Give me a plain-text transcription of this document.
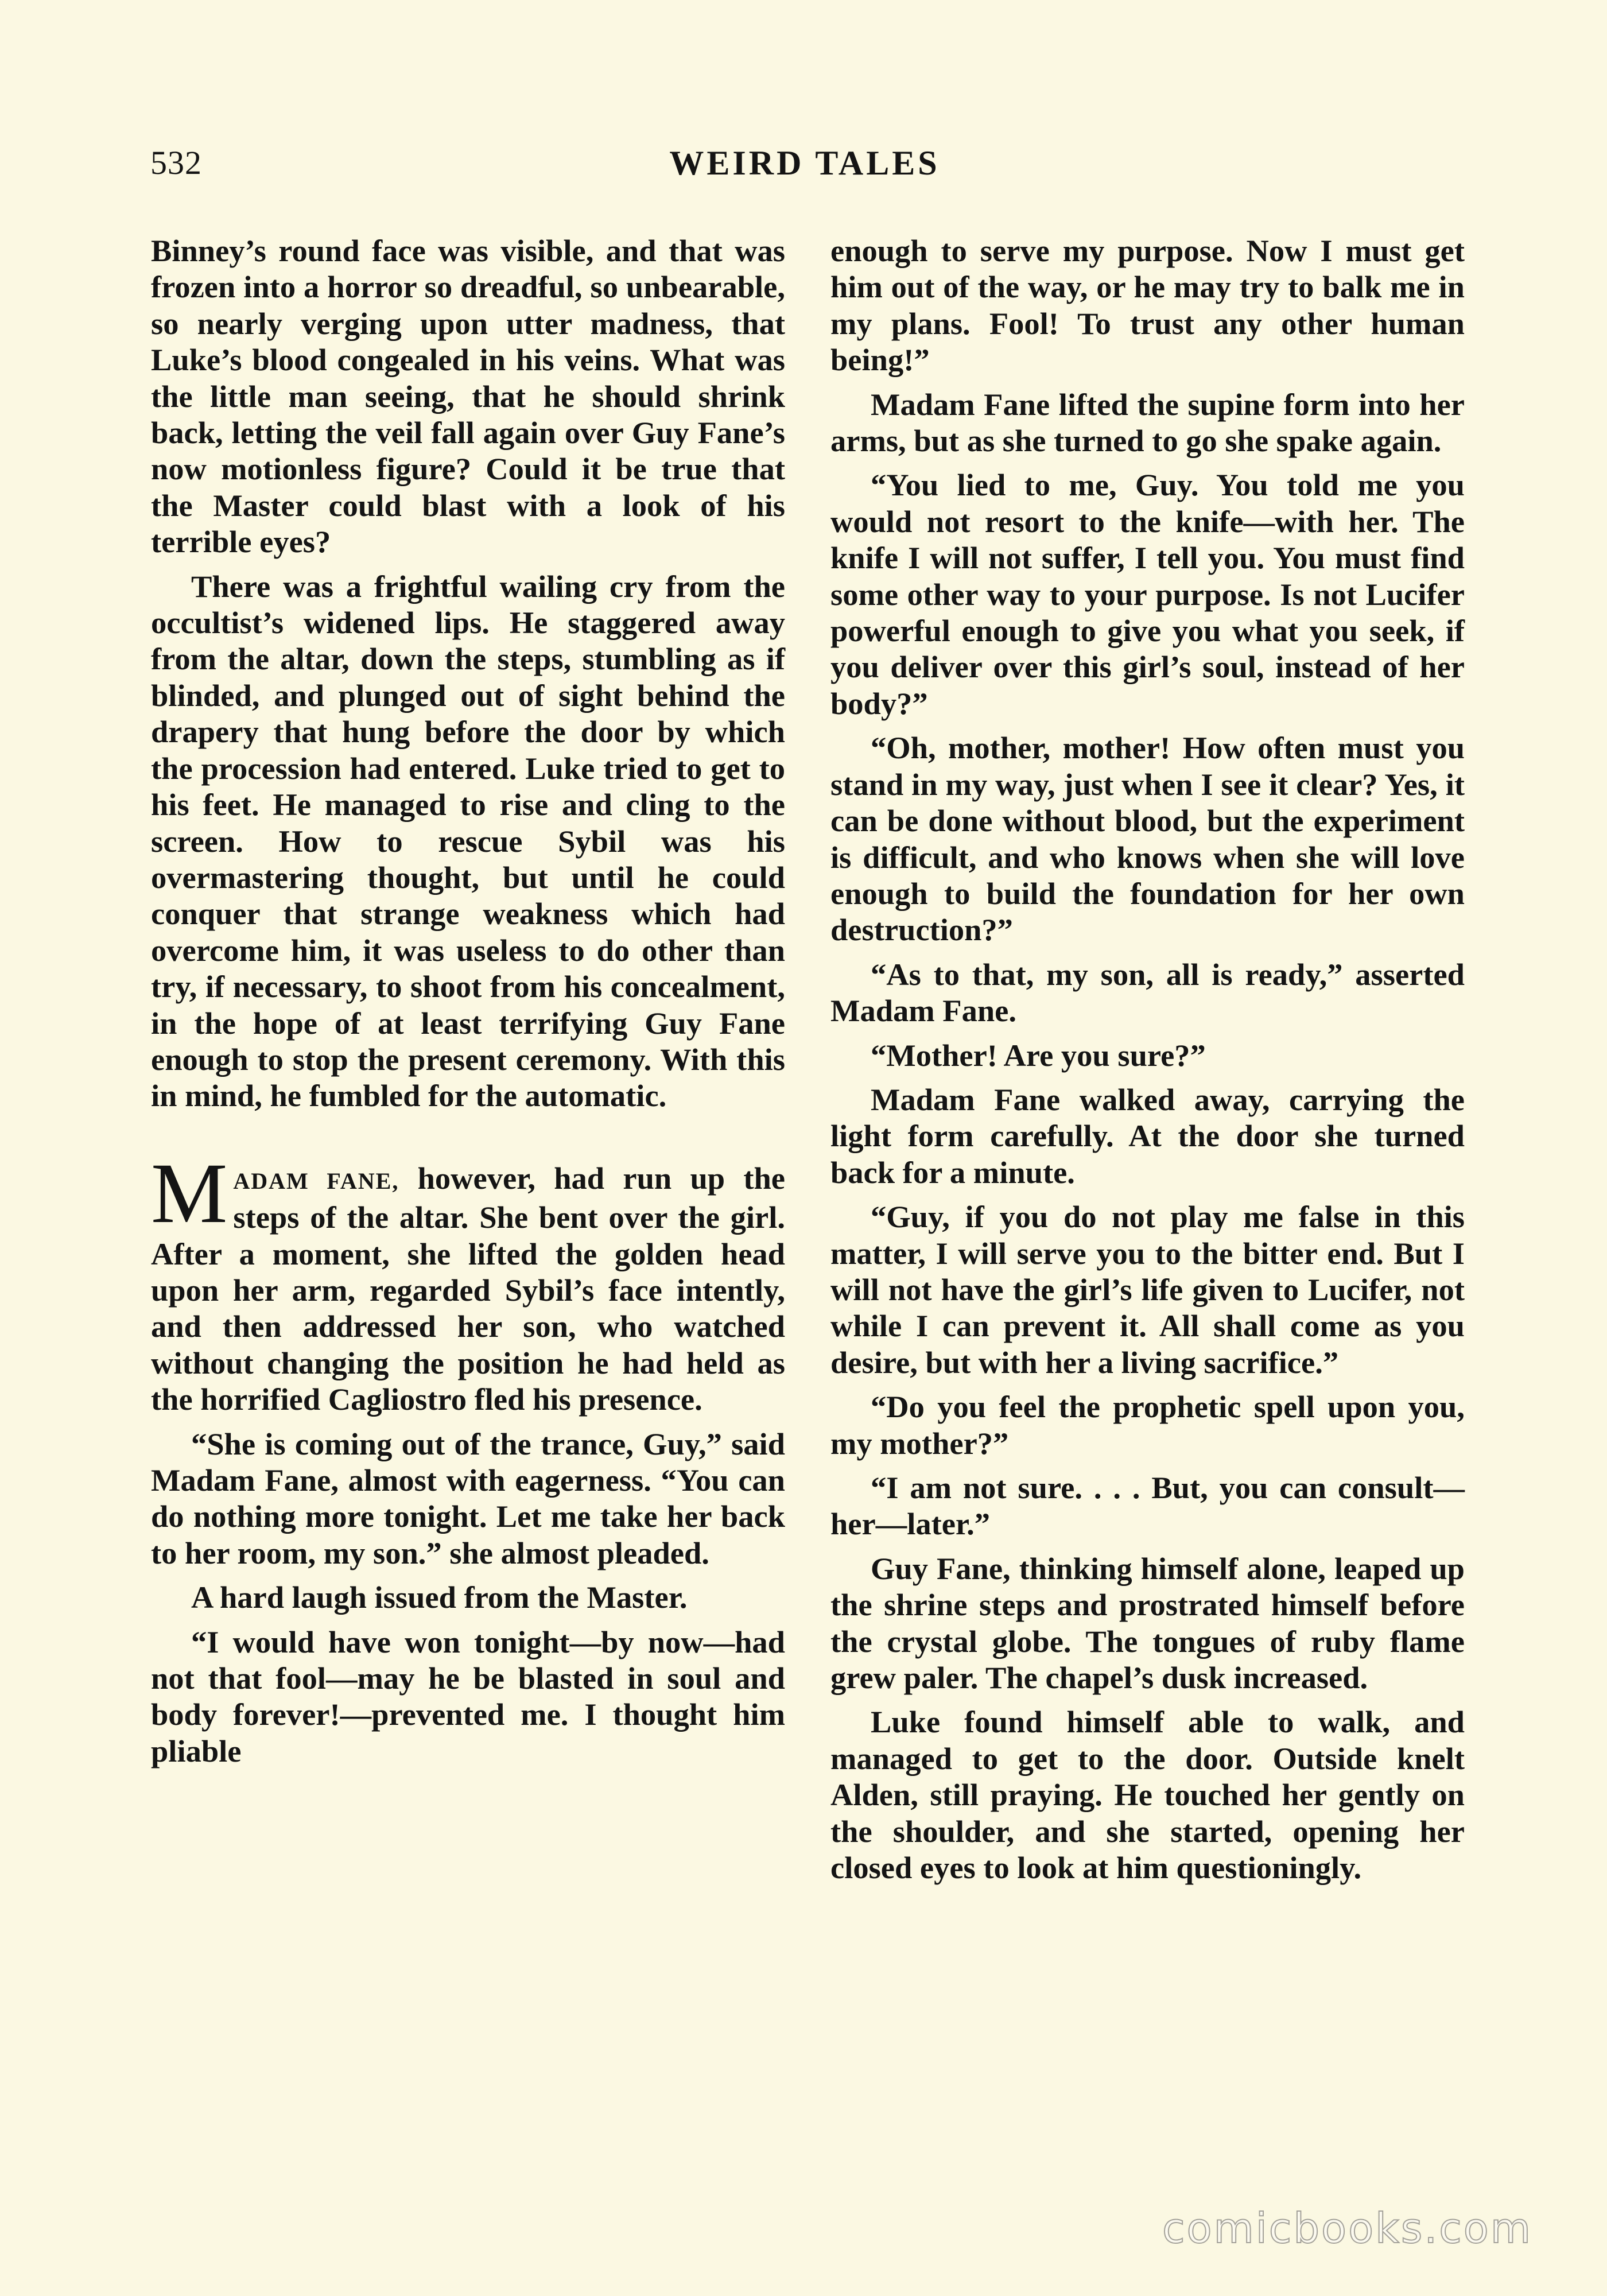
532	WEIRD TALES

Binney’s round face was visible, and that was frozen into a horror so dreadful, so unbearable, so nearly verging upon utter madness, that Luke’s blood congealed in his veins. What was the little man seeing, that he should shrink back, letting the veil fall again over Guy Fane’s now motionless figure? Could it be true that the Master could blast with a look of his terrible eyes?

There was a frightful wailing cry from the occultist’s widened lips. He staggered away from the altar, down the steps, stumbling as if blinded, and plunged out of sight behind the drapery that hung before the door by which the procession had entered. Luke tried to get to his feet. He managed to rise and cling to the screen. How to rescue Sybil was his overmastering thought, but until he could conquer that strange weakness which had overcome him, it was useless to do other than try, if necessary, to shoot from his concealment, in the hope of at least terrifying Guy Fane enough to stop the present ceremony. With this in mind, he fumbled for the automatic.

MADAM FANE, however, had run up the steps of the altar. She bent over the girl. After a moment, she lifted the golden head upon her arm, regarded Sybil’s face intently, and then addressed her son, who watched without changing the position he had held as the horrified Cagliostro fled his presence.

“She is coming out of the trance, Guy,” said Madam Fane, almost with eagerness. “You can do nothing more tonight. Let me take her back to her room, my son.” she almost pleaded.

A hard laugh issued from the Master.

“I would have won tonight—by now—had not that fool—may he be blasted in soul and body forever!—prevented me. I thought him pliable

enough to serve my purpose. Now I must get him out of the way, or he may try to balk me in my plans. Fool! To trust any other human being!”

Madam Fane lifted the supine form into her arms, but as she turned to go she spake again.

“You lied to me, Guy. You told me you would not resort to the knife—with her. The knife I will not suffer, I tell you. You must find some other way to your purpose. Is not Lucifer powerful enough to give you what you seek, if you deliver over this girl’s soul, instead of her body?”

“Oh, mother, mother! How often must you stand in my way, just when I see it clear? Yes, it can be done without blood, but the experiment is difficult, and who knows when she will love enough to build the foundation for her own destruction?”

“As to that, my son, all is ready,” asserted Madam Fane.

“Mother! Are you sure?”

Madam Fane walked away, carrying the light form carefully. At the door she turned back for a minute.

“Guy, if you do not play me false in this matter, I will serve you to the bitter end. But I will not have the girl’s life given to Lucifer, not while I can prevent it. All shall come as you desire, but with her a living sacrifice.”

“Do you feel the prophetic spell upon you, my mother?”

“I am not sure. . . . But, you can consult—her—later.”

Guy Fane, thinking himself alone, leaped up the shrine steps and prostrated himself before the crystal globe. The tongues of ruby flame grew paler. The chapel’s dusk increased.

Luke found himself able to walk, and managed to get to the door. Outside knelt Alden, still praying. He touched her gently on the shoulder, and she started, opening her closed eyes to look at him questioningly.

comicbooks.com
